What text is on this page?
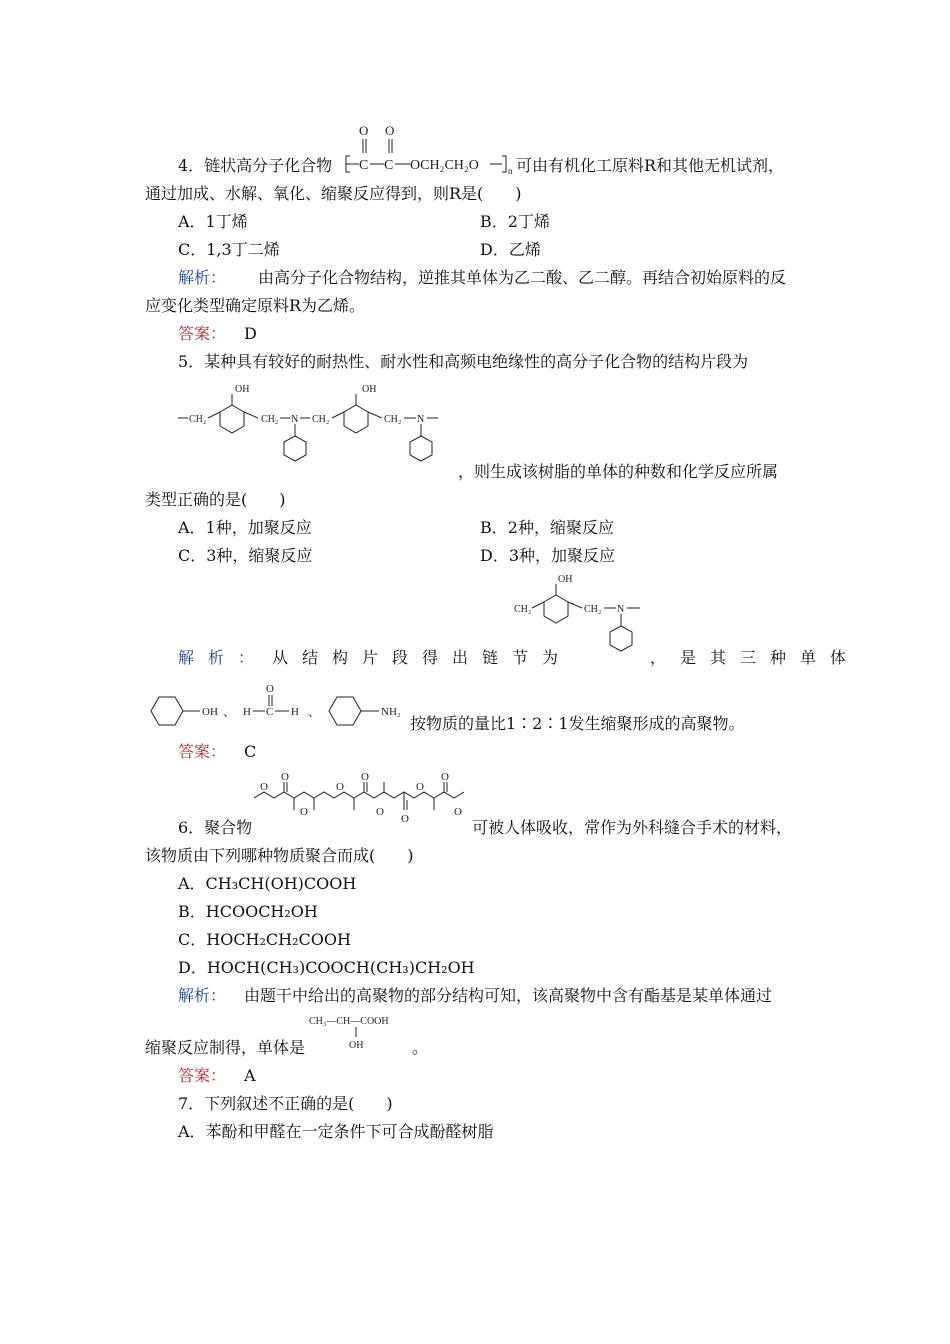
O O
C C OCH₂CH₂O	n
4．链状高分子化合物	可由有机化工原料R和其他无机试剂，
通过加成、水解、氧化、缩聚反应得到，则R是(　　)
A．1丁烯	B．2丁烯
C．1,3丁二烯	D．乙烯
解析： 由高分子化合物结构，逆推其单体为乙二酸、乙二醇。再结合初始原料的反
应变化类型确定原料R为乙烯。
答案： D
5．某种具有较好的耐热性、耐水性和高频电绝缘性的高分子化合物的结构片段为
CH₂
OH
CH₂ N CH₂
OH
CH₂ N
，则生成该树脂的单体的种数和化学反应所属
类型正确的是(　　)
A．1种，加聚反应	B．2种，缩聚反应
C．3种，缩聚反应	D．3种，加聚反应
CH₂
OH
CH₂ N
解析： 从结构片段得出链节为	，是其三种单体
OH 、 H C
O
H 、	NH₂
按物质的量比1∶2∶1发生缩聚形成的高聚物。
答案： C
O
O
O
O
O
O
O
O
O
O
6．聚合物	可被人体吸收，常作为外科缝合手术的材料，
该物质由下列哪种物质聚合而成(　　)
A．CH₃CH(OH)COOH
B．HCOOCH₂OH
C．HOCH₂CH₂COOH
D．HOCH(CH₃)COOCH(CH₃)CH₂OH
解析： 由题干中给出的高聚物的部分结构可知，该高聚物中含有酯基是某单体通过
CH₃—CH—COOH
OH
缩聚反应制得，单体是	。
答案： A
7．下列叙述不正确的是(　　)
A．苯酚和甲醛在一定条件下可合成酚醛树脂
